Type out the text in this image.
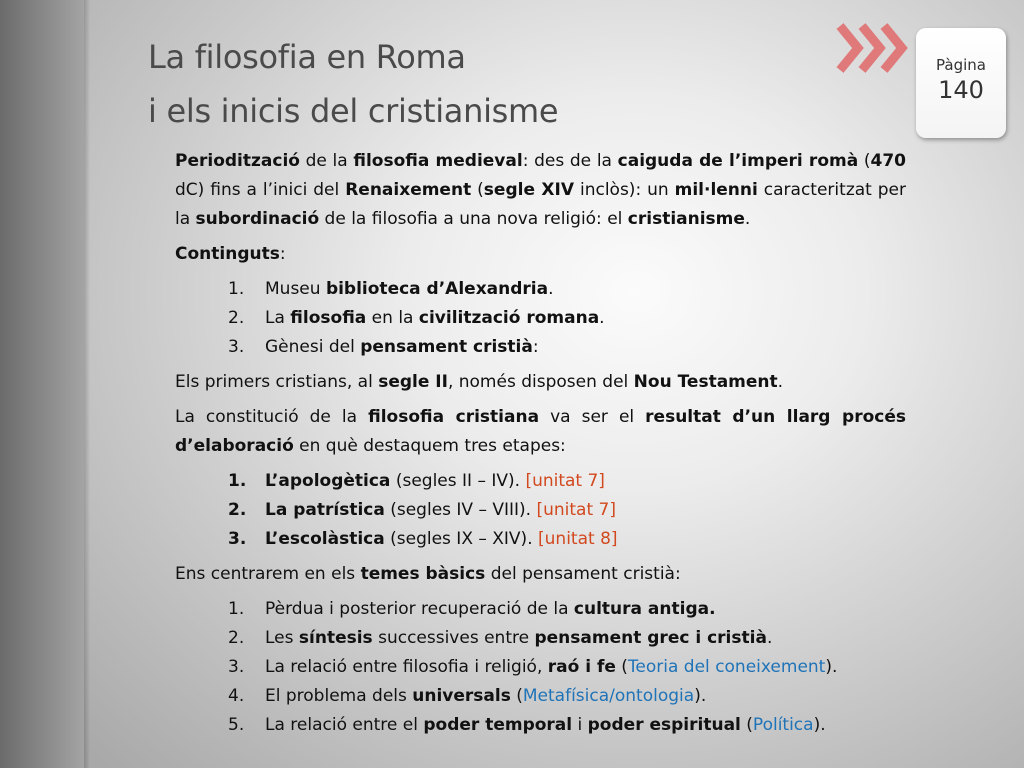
La filosofia en Roma
i els inicis del cristianisme
Pàgina
140

Periodització de la filosofia medieval: des de la caiguda de l’imperi romà (470 dC) fins a l’inici del Renaixement (segle XIV inclòs): un mil·lenni caracteritzat per la subordinació de la filosofia a una nova religió: el cristianisme.

Continguts:

1. Museu biblioteca d’Alexandria.
2. La filosofia en la civilització romana.
3. Gènesi del pensament cristià:

Els primers cristians, al segle II, només disposen del Nou Testament.

La constitució de la filosofia cristiana va ser el resultat d’un llarg procés d’elaboració en què destaquem tres etapes:

1. L’apologètica (segles II – IV). [unitat 7]
2. La patrística (segles IV – VIII). [unitat 7]
3. L’escolàstica (segles IX – XIV). [unitat 8]

Ens centrarem en els temes bàsics del pensament cristià:

1. Pèrdua i posterior recuperació de la cultura antiga.
2. Les síntesis successives entre pensament grec i cristià.
3. La relació entre filosofia i religió, raó i fe (Teoria del coneixement).
4. El problema dels universals (Metafísica/ontologia).
5. La relació entre el poder temporal i poder espiritual (Política).
